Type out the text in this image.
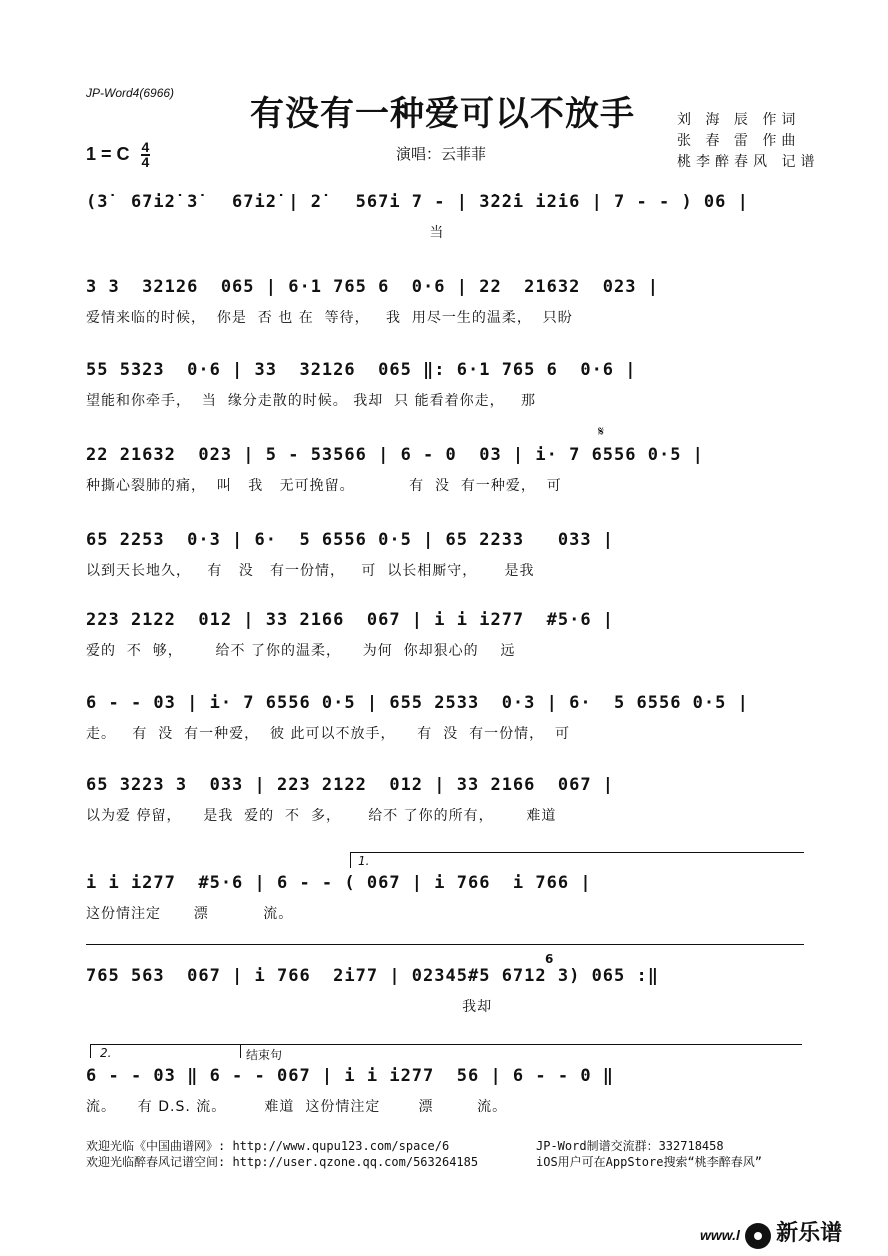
JP-Word4(6966)
有没有一种爱可以不放手	刘 海 辰 作词
张 春 雷 作曲
桃李醉春风 记谱
1 = C $\frac{4}{4}$	演唱：云菲菲
(3̇  67i2̇ 3̇   67i2̇ | 2̇   567i 7 - | 3̇2̇2̇i i2̇i6 | 7 - - ) 06 |
当
3 3  32126  065 | 6·1 765 6  0·6 | 22  21632  023 |
爱情来临的时候，  你是  否 也 在  等待，   我  用尽一生的温柔，  只盼
55 5323  0·6 | 33  32126  065 ‖: 6·1 765 6  0·6 |
望能和你牵手，  当  缘分走散的时候。 我却  只 能看着你走，   那
𝄋
22 21632  023 | 5 - 53566 | 6 - 0  03 | i· 7 6556 0·5 |
种撕心裂肺的痛，  叫   我   无可挽留。          有  没  有一种爱，  可
65 2253  0·3 | 6·  5 6556 0·5 | 65 2233   033 |
以到天长地久，   有   没   有一份情，   可  以长相厮守，     是我
223 2122  012 | 33 2166  067 | i i i277  #5·6 |
爱的  不  够，      给不 了你的温柔，    为何  你却狠心的    远
6 - - 03 | i· 7 6556 0·5 | 655 2533  0·3 | 6·  5 6556 0·5 |
走。   有  没  有一种爱，  彼 此可以不放手，    有  没  有一份情，  可
65 3223 3  033 | 223 2122  012 | 33 2166  067 |
以为爱 停留，    是我  爱的  不  多，     给不 了你的所有，      难道
1.
i i i277  #5·6 | 6 - - ( 067 | i 766  i 766 |
这份情注定      漂          流。
6
765 563  067 | i 766  2i77 | 02345#5 6712 3) 065 :‖
我却
2.	结束句
6 - - 03 ‖ 6 - - 067 | i i i277  56 | 6 - - 0 ‖
流。    有 D.S. 流。       难道  这份情注定       漂        流。
欢迎光临《中国曲谱网》: http://www.qupu123.com/space/6
欢迎光临醉春风记谱空间: http://user.qzone.qq.com/563264185
JP-Word制谱交流群：332718458
iOS用户可在AppStore搜索“桃李醉春风”
www.l 新乐谱
